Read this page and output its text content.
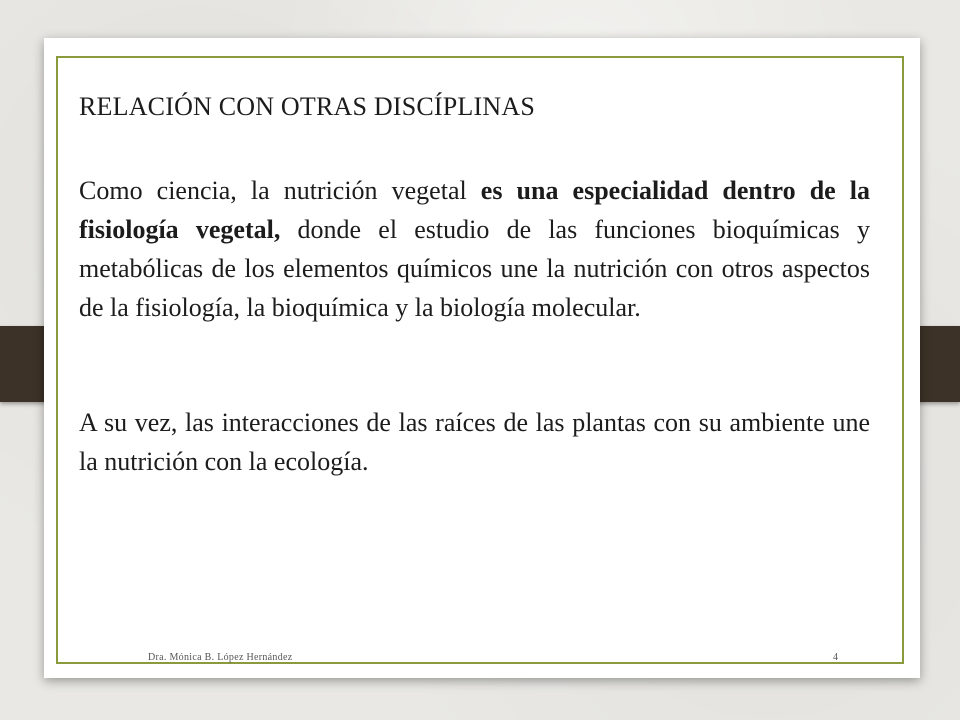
RELACIÓN CON OTRAS DISCÍPLINAS

Como ciencia, la nutrición vegetal es una especialidad dentro de la fisiología vegetal, donde el estudio de las funciones bioquímicas y metabólicas de los elementos químicos une la nutrición con otros aspectos de la fisiología, la bioquímica y la biología molecular.

A su vez, las interacciones de las raíces de las plantas con su ambiente une la nutrición con la ecología.

Dra. Mónica B. López Hernández	4
